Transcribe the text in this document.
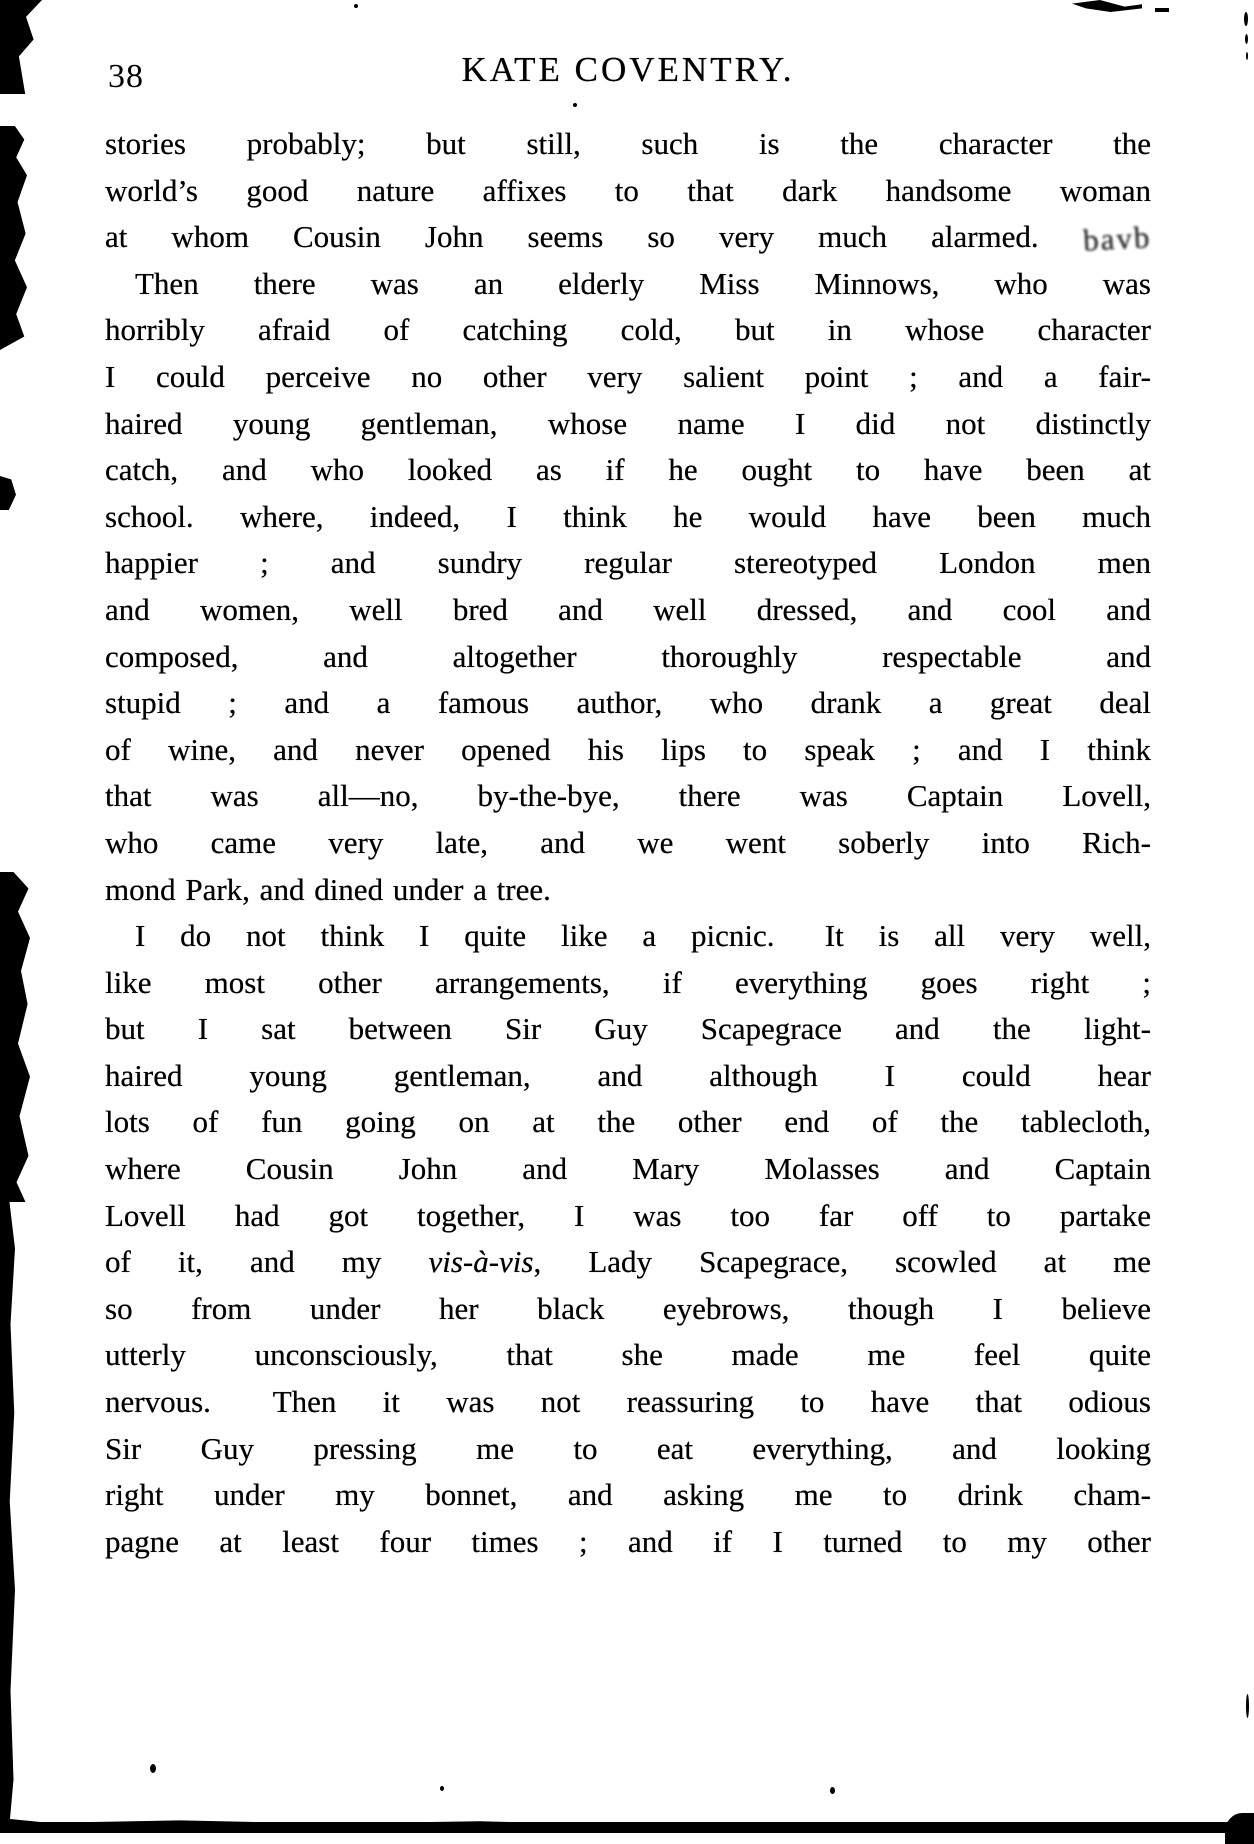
38	KATE COVENTRY.
stories probably; but still, such is the character the
world’s good nature affixes to that dark handsome woman
at whom Cousin John seems so very much alarmed. bavb
Then there was an elderly Miss Minnows, who was
horribly afraid of catching cold, but in whose character
I could perceive no other very salient point ; and a fair-
haired young gentleman, whose name I did not distinctly
catch, and who looked as if he ought to have been at
school. where, indeed, I think he would have been much
happier ; and sundry regular stereotyped London men
and women, well bred and well dressed, and cool and
composed, and altogether thoroughly respectable and
stupid ; and a famous author, who drank a great deal
of wine, and never opened his lips to speak ; and I think
that was all—no, by-the-bye, there was Captain Lovell,
who came very late, and we went soberly into Rich-
mond Park, and dined under a tree.
I do not think I quite like a picnic.  It is all very well,
like most other arrangements, if everything goes right ;
but I sat between Sir Guy Scapegrace and the light-
haired young gentleman, and although I could hear
lots of fun going on at the other end of the tablecloth,
where Cousin John and Mary Molasses and Captain
Lovell had got together, I was too far off to partake
of it, and my vis-à-vis, Lady Scapegrace, scowled at me
so from under her black eyebrows, though I believe
utterly unconsciously, that she made me feel quite
nervous.  Then it was not reassuring to have that odious
Sir Guy pressing me to eat everything, and looking
right under my bonnet, and asking me to drink cham-
pagne at least four times ; and if I turned to my other
